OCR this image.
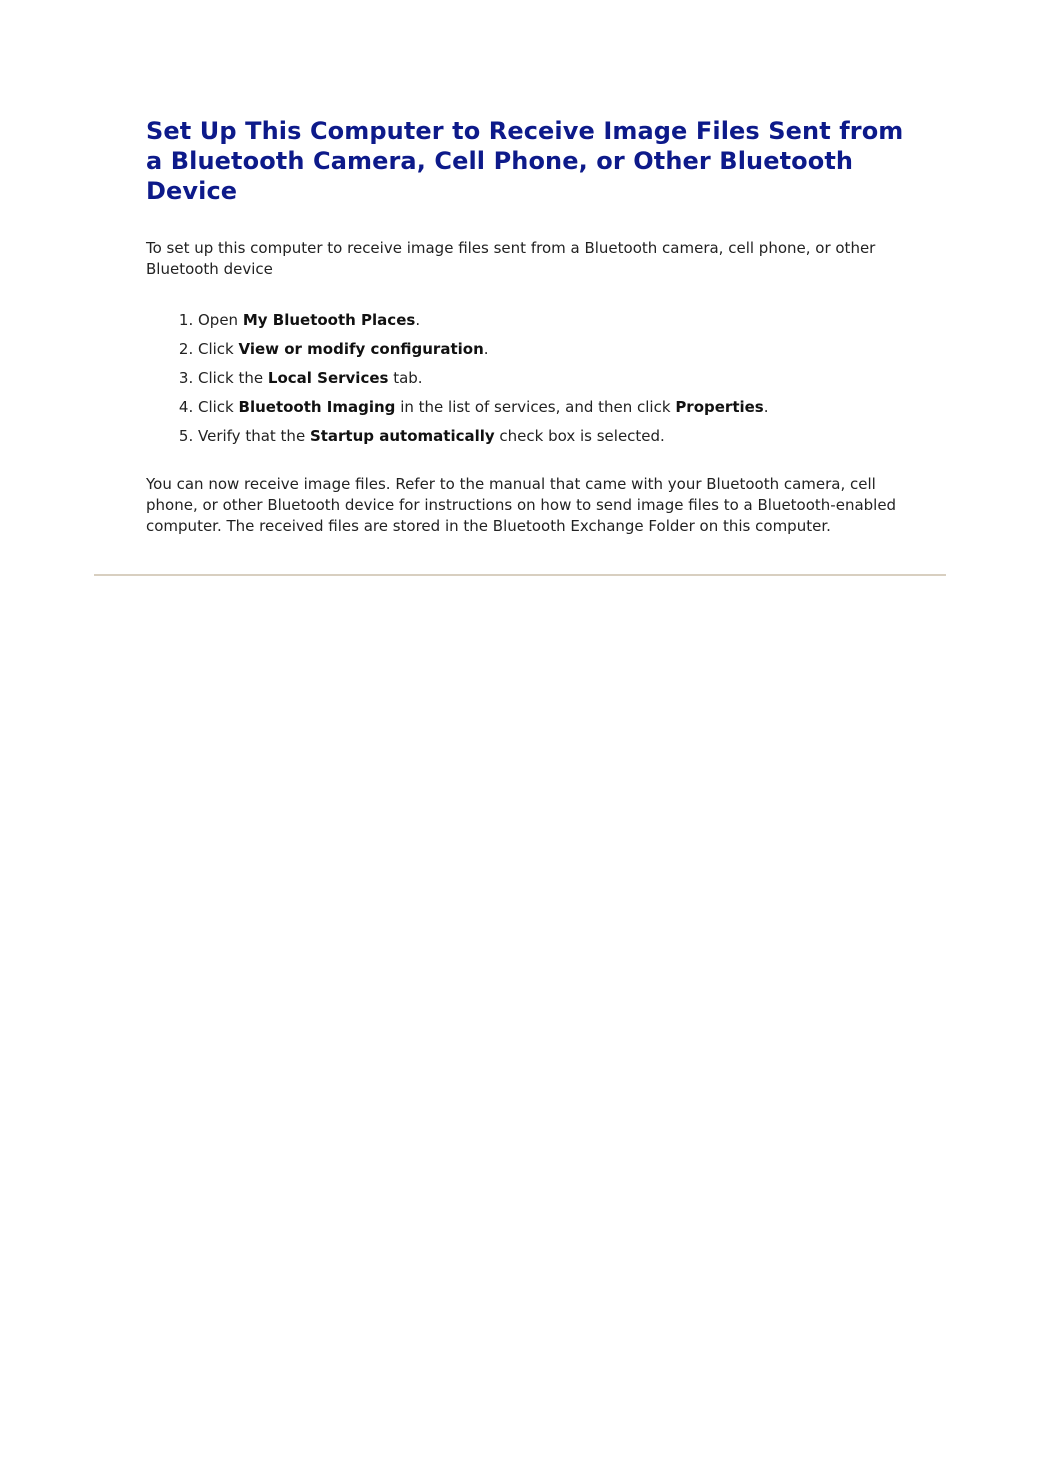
Set Up This Computer to Receive Image Files Sent from a Bluetooth Camera, Cell Phone, or Other Bluetooth Device

To set up this computer to receive image files sent from a Bluetooth camera, cell phone, or other Bluetooth device

1. Open My Bluetooth Places.
2. Click View or modify configuration.
3. Click the Local Services tab.
4. Click Bluetooth Imaging in the list of services, and then click Properties.
5. Verify that the Startup automatically check box is selected.

You can now receive image files. Refer to the manual that came with your Bluetooth camera, cell phone, or other Bluetooth device for instructions on how to send image files to a Bluetooth-enabled computer. The received files are stored in the Bluetooth Exchange Folder on this computer.
